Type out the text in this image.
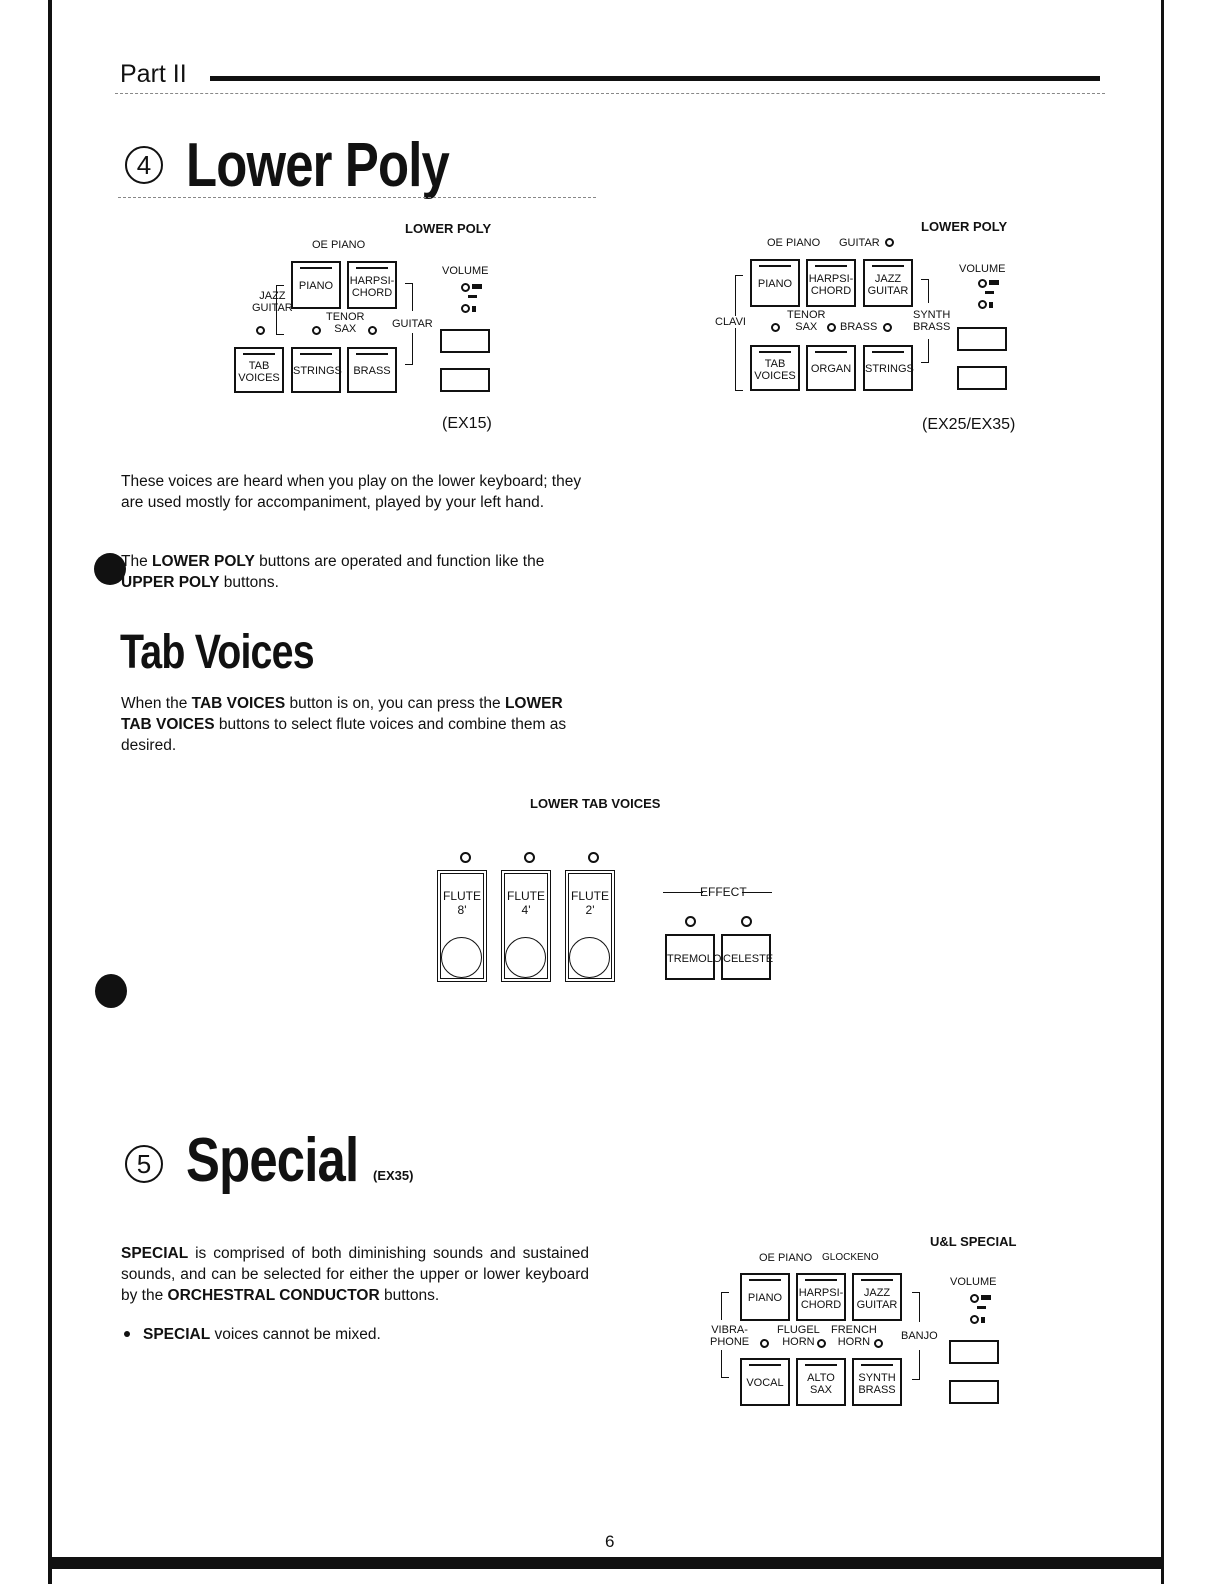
Part II
4 Lower Poly
LOWER POLY
OE PIANO
VOLUME
PIANO	HARPSI-
CHORD
TAB
VOICES
STRINGS	BRASS
JAZZ
GUITAR
TENOR
SAX	GUITAR
(EX15)
LOWER POLY
OE PIANO GUITAR
VOLUME
PIANO	HARPSI-
CHORD
JAZZ
GUITAR
TAB
VOICES
ORGAN STRINGS
CLAVI
TENOR
SAX	BRASS
SYNTH
BRASS
(EX25/EX35)
These voices are heard when you play on the lower keyboard; they are used mostly for accompaniment, played by your left hand.
The LOWER POLY buttons are operated and function like the UPPER POLY buttons.
Tab Voices
When the TAB VOICES button is on, you can press the LOWER TAB VOICES buttons to select flute voices and combine them as desired.
LOWER TAB VOICES
FLUTE
8'
FLUTE
4'
FLUTE
2'
EFFECT
TREMOLO CELESTE
5 Special (EX35)
SPECIAL is comprised of both diminishing sounds and sustained sounds, and can be selected for either the upper or lower keyboard by the ORCHESTRAL CONDUCTOR buttons.
SPECIAL voices cannot be mixed.
U&L SPECIAL
OE PIANO GLOCKENO
VOLUME
PIANO	HARPSI-
CHORD
JAZZ
GUITAR
VOCAL	ALTO
SAX
SYNTH
BRASS
VIBRA-
PHONE
FLUGEL
HORN
FRENCH
HORN	BANJO
6
